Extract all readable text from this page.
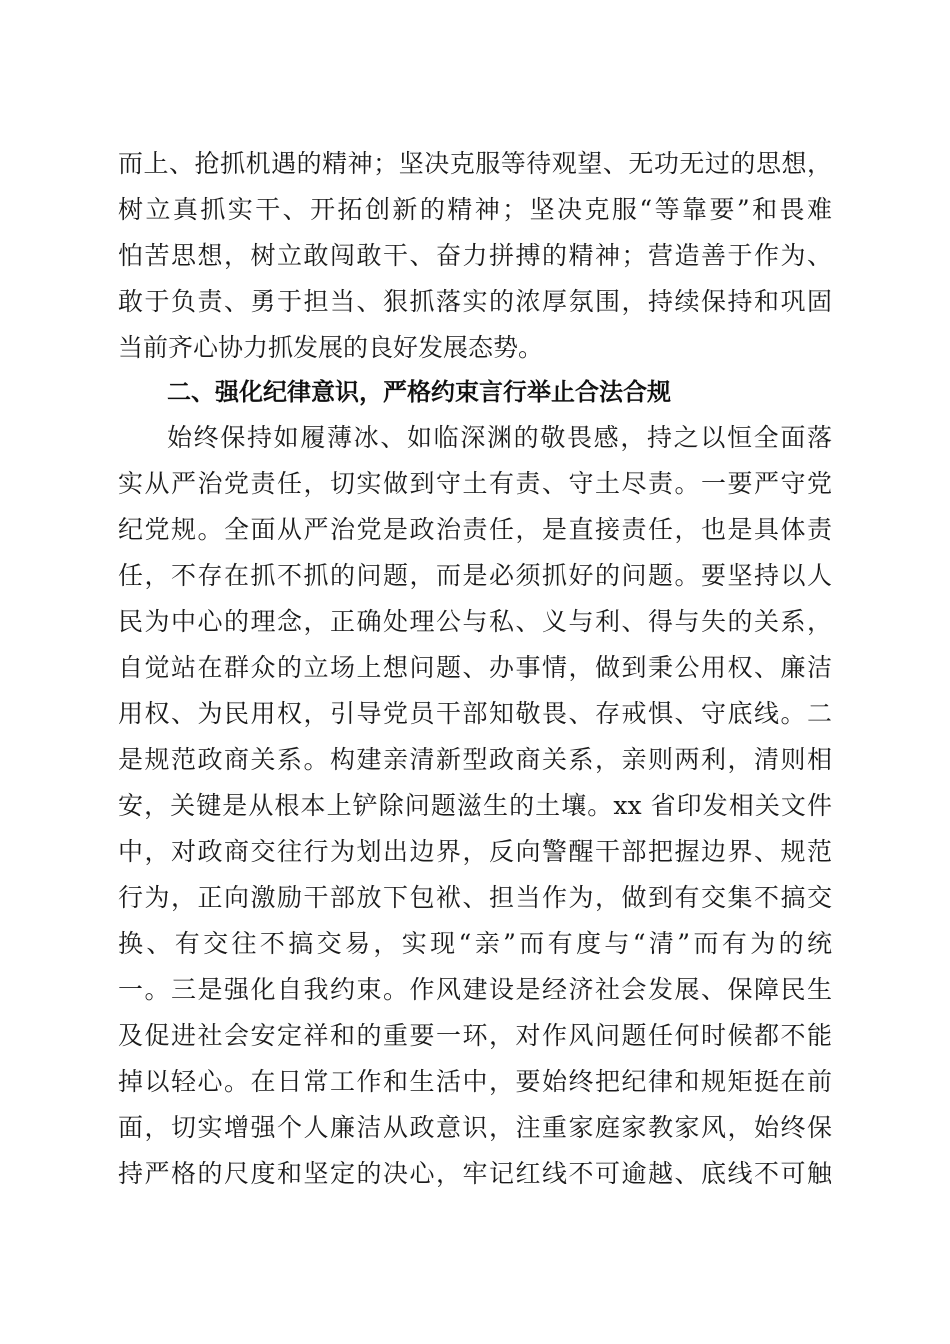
而上、抢抓机遇的精神；坚决克服等待观望、无功无过的思想，
树立真抓实干、开拓创新的精神；坚决克服“等靠要”和畏难
怕苦思想，树立敢闯敢干、奋力拼搏的精神；营造善于作为、
敢于负责、勇于担当、狠抓落实的浓厚氛围，持续保持和巩固
当前齐心协力抓发展的良好发展态势。
二、强化纪律意识，严格约束言行举止合法合规
始终保持如履薄冰、如临深渊的敬畏感，持之以恒全面落
实从严治党责任，切实做到守土有责、守土尽责。一要严守党
纪党规。全面从严治党是政治责任，是直接责任，也是具体责
任，不存在抓不抓的问题，而是必须抓好的问题。要坚持以人
民为中心的理念，正确处理公与私、义与利、得与失的关系，
自觉站在群众的立场上想问题、办事情，做到秉公用权、廉洁
用权、为民用权，引导党员干部知敬畏、存戒惧、守底线。二
是规范政商关系。构建亲清新型政商关系，亲则两利，清则相
安，关键是从根本上铲除问题滋生的土壤。xx 省印发相关文件
中，对政商交往行为划出边界，反向警醒干部把握边界、规范
行为，正向激励干部放下包袱、担当作为，做到有交集不搞交
换、有交往不搞交易，实现“亲”而有度与“清”而有为的统
一。三是强化自我约束。作风建设是经济社会发展、保障民生
及促进社会安定祥和的重要一环，对作风问题任何时候都不能
掉以轻心。在日常工作和生活中，要始终把纪律和规矩挺在前
面，切实增强个人廉洁从政意识，注重家庭家教家风，始终保
持严格的尺度和坚定的决心，牢记红线不可逾越、底线不可触
